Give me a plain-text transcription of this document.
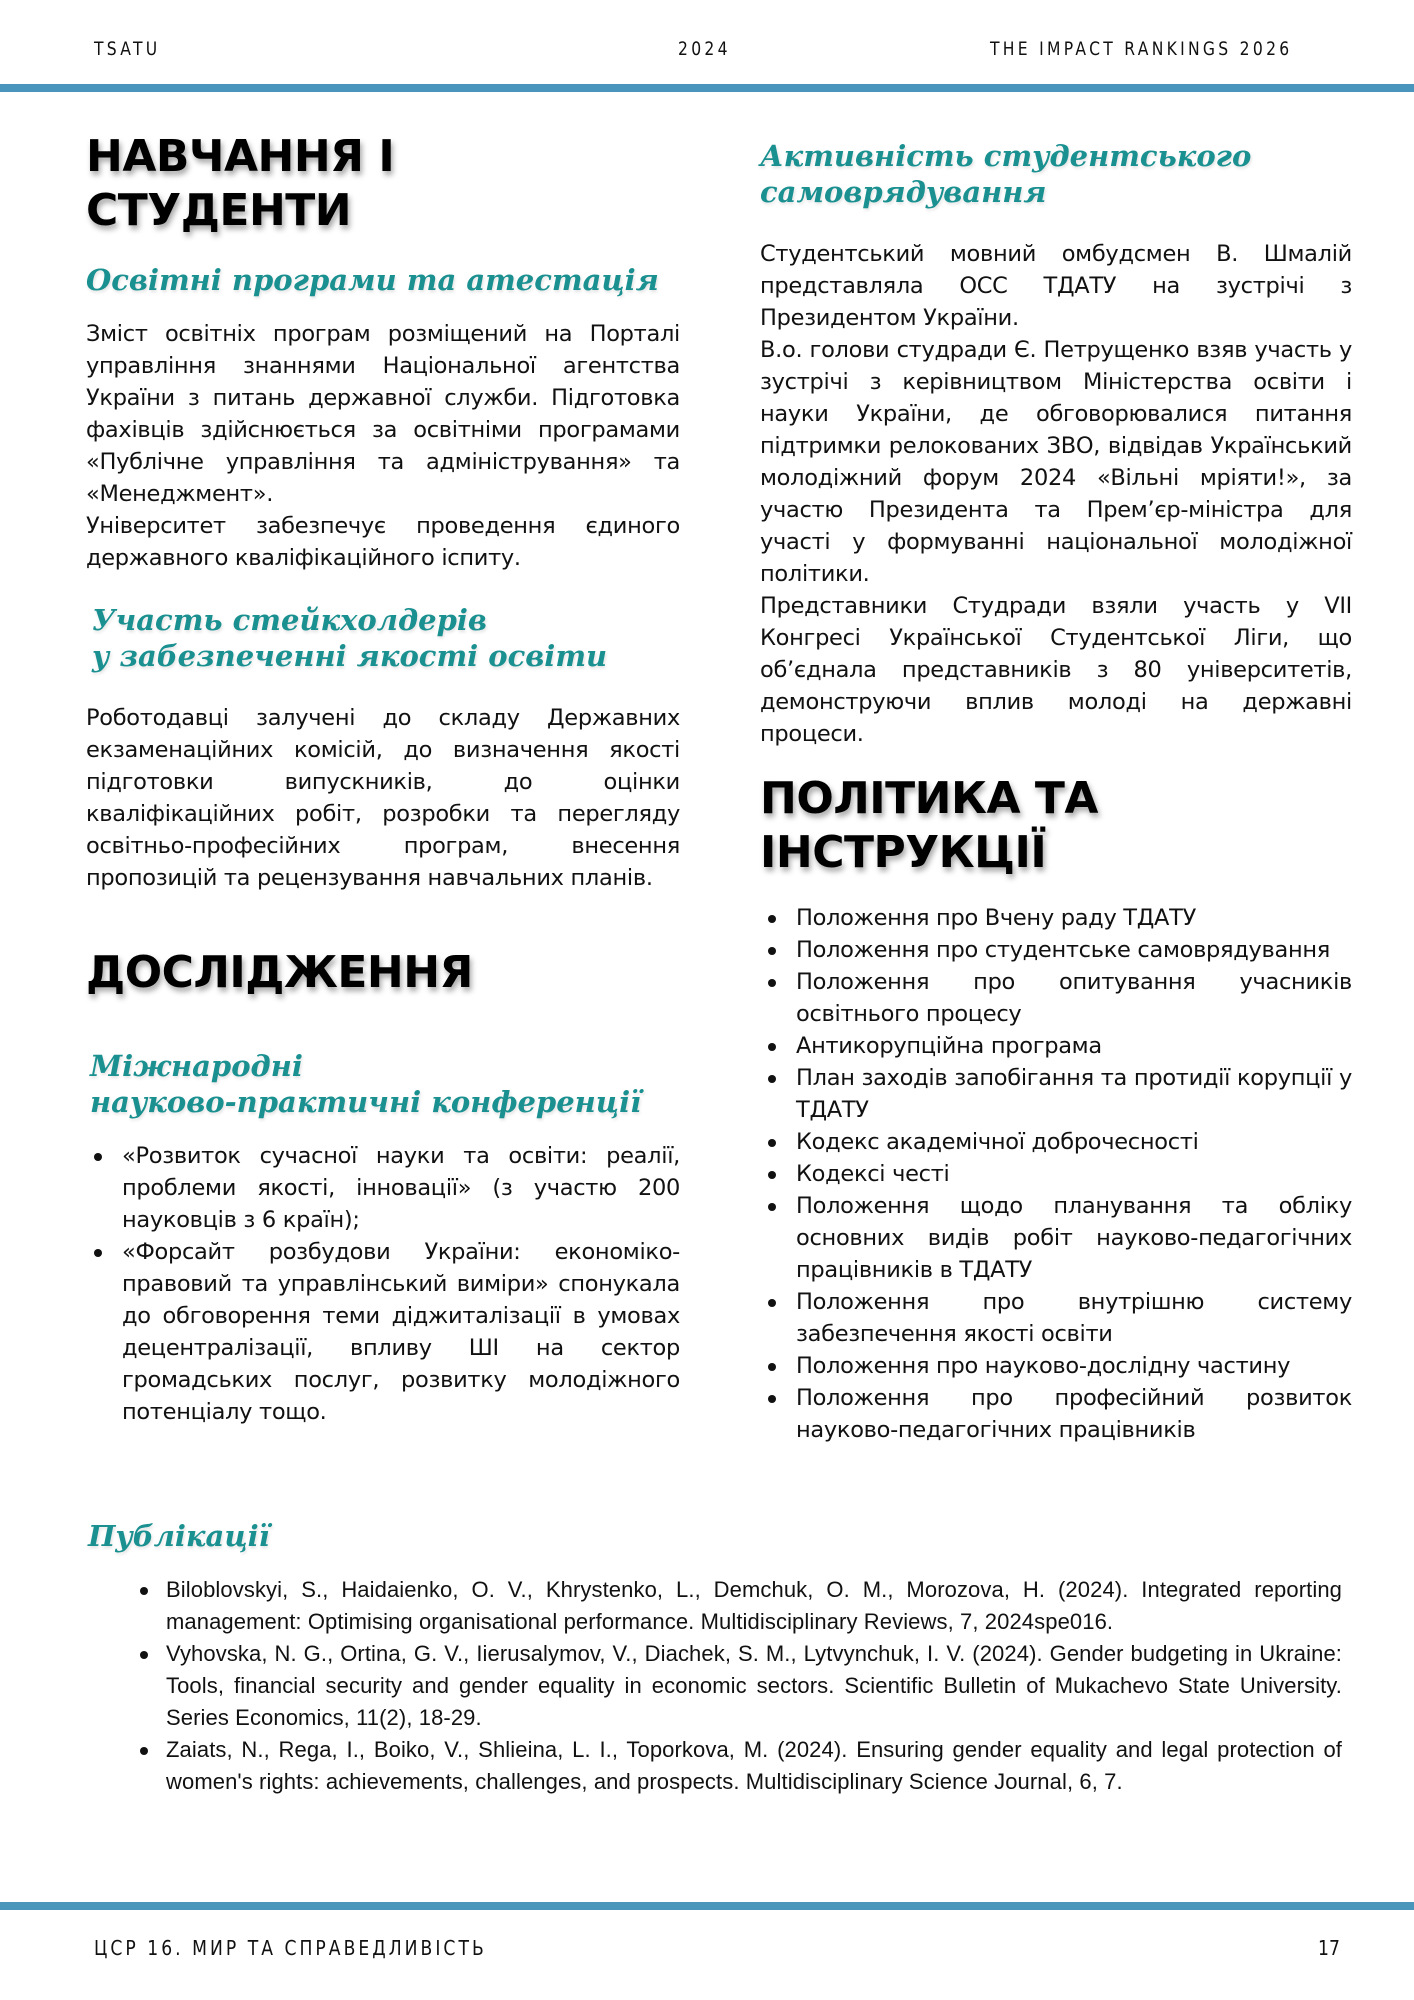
TSATU	2024	THE IMPACT RANKINGS 2026
НАВЧАННЯ І
СТУДЕНТИ
Освітні програми та атестація

Зміст освітніх програм розміщений на Порталі управління знаннями Національної агентства України з питань державної служби. Підготовка фахівців здійснюється за освітніми програмами «Публічне управління та адміністрування» та «Менеджмент».

Університет забезпечує проведення єдиного державного кваліфікаційного іспиту.

Участь стейкхолдерів
у забезпеченні якості освіти

Роботодавці залучені до складу Державних екзаменаційних комісій, до визначення якості підготовки випускників, до оцінки кваліфікаційних робіт, розробки та перегляду освітньо-професійних програм, внесення пропозицій та рецензування навчальних планів.

ДОСЛІДЖЕННЯ
Міжнародні
науково-практичні конференції
«Розвиток сучасної науки та освіти: реалії, проблеми якості, інновації» (з участю 200 науковців з 6 країн);
«Форсайт розбудови України: економіко-правовий та управлінський виміри» спонукала до обговорення теми діджиталізації в умовах децентралізації, впливу ШІ на сектор громадських послуг, розвитку молодіжного потенціалу тощо.
Активність студентського
самоврядування

Студентський мовний омбудсмен В. Шмалій представляла ОСС ТДАТУ на зустрічі з Президентом України.

В.о. голови студради Є. Петрущенко взяв участь у зустрічі з керівництвом Міністерства освіти і науки України, де обговорювалися питання підтримки релокованих ЗВО, відвідав Український молодіжний форум 2024 «Вільні мріяти!», за участю Президента та Прем’єр-міністра для участі у формуванні національної молодіжної політики.

Представники Студради взяли участь у VII Конгресі Української Студентської Ліги, що об’єднала представників з 80 університетів, демонструючи вплив молоді на державні процеси.

ПОЛІТИКА ТА
ІНСТРУКЦІЇ
Положення про Вчену раду ТДАТУ
Положення про студентське самоврядування
Положення про опитування учасників освітнього процесу
Антикорупційна програма
План заходів запобігання та протидії корупції у ТДАТУ
Кодекс академічної доброчесності
Кодексі честі
Положення щодо планування та обліку основних видів робіт науково-педагогічних працівників в ТДАТУ
Положення про внутрішню систему забезпечення якості освіти
Положення про науково-дослідну частину
Положення про професійний розвиток науково-педагогічних працівників
Публікації
Biloblovskyi, S., Haidaienko, O. V., Khrystenko, L., Demchuk, O. M., Morozova, H. (2024). Integrated reporting management: Optimising organisational performance. Multidisciplinary Reviews, 7, 2024spe016.
Vyhovska, N. G., Ortina, G. V., Iierusalymov, V., Diachek, S. M., Lytvynchuk, I. V. (2024). Gender budgeting in Ukraine: Tools, financial security and gender equality in economic sectors. Scientific Bulletin of Mukachevo State University. Series Economics, 11(2), 18-29.
Zaiats, N., Rega, I., Boiko, V., Shlieina, L. I., Toporkova, M. (2024). Ensuring gender equality and legal protection of women's rights: achievements, challenges, and prospects. Multidisciplinary Science Journal, 6, 7.
ЦСР 16. МИР ТА СПРАВЕДЛИВІСТЬ	17
